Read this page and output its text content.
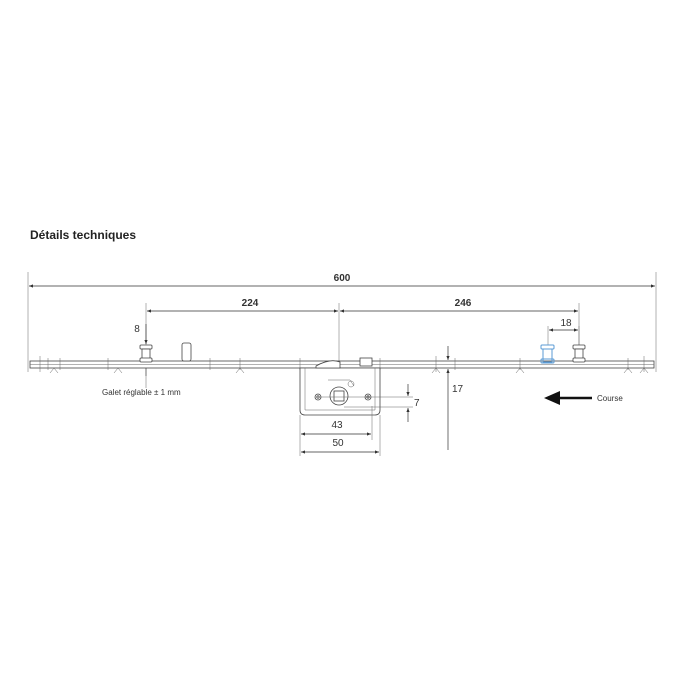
Détails techniques
600
224	246
18
8
7
17
43
50
Galet réglable ± 1 mm
Course
